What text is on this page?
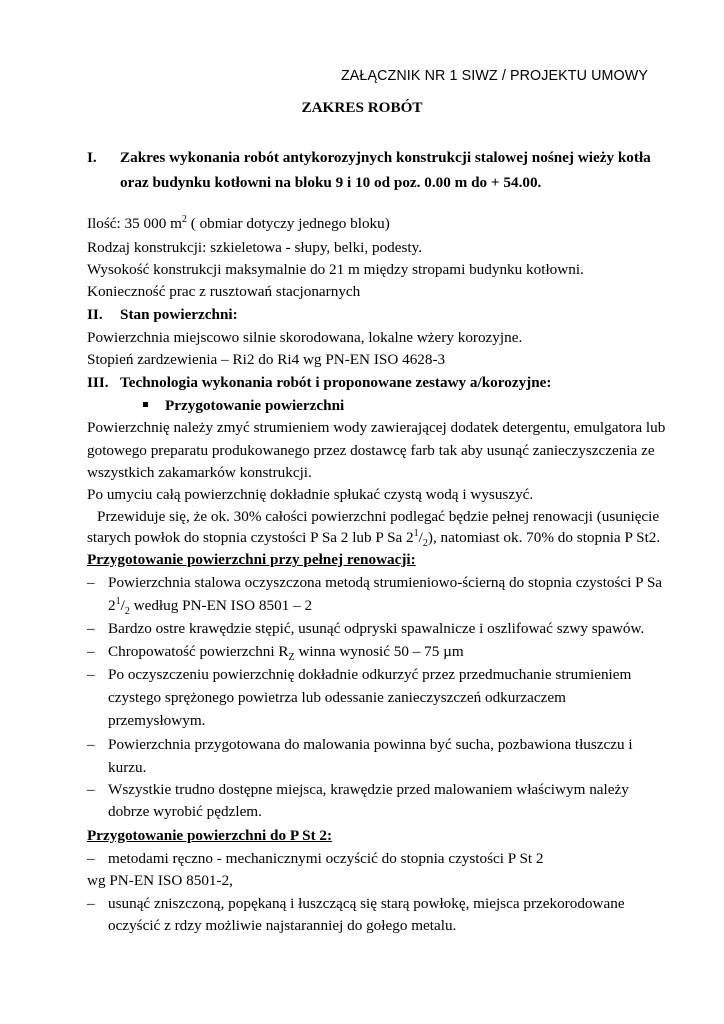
ZAŁĄCZNIK NR 1 SIWZ / PROJEKTU UMOWY
ZAKRES ROBÓT
I. Zakres wykonania robót antykorozyjnych konstrukcji stalowej nośnej wieży kotła
oraz budynku kotłowni na bloku 9 i 10 od poz. 0.00 m do + 54.00.
Ilość: 35 000 $m^2$ ( obmiar dotyczy jednego bloku)
Rodzaj konstrukcji: szkieletowa - słupy, belki, podesty.
Wysokość konstrukcji maksymalnie do 21 m między stropami budynku kotłowni.
Konieczność prac z rusztowań stacjonarnych
II. Stan powierzchni:
Powierzchnia miejscowo silnie skorodowana, lokalne wżery korozyjne.
Stopień zardzewienia – Ri2 do Ri4 wg PN-EN ISO 4628-3
III. Technologia wykonania robót i proponowane zestawy a/korozyjne:
Przygotowanie powierzchni
Powierzchnię należy zmyć strumieniem wody zawierającej dodatek detergentu, emulgatora lub
gotowego preparatu produkowanego przez dostawcę farb tak aby usunąć zanieczyszczenia ze
wszystkich zakamarków konstrukcji.
Po umyciu całą powierzchnię dokładnie spłukać czystą wodą i wysuszyć.
Przewiduje się, że ok. 30% całości powierzchni podlegać będzie pełnej renowacji (usunięcie
starych powłok do stopnia czystości P Sa 2 lub P Sa $2^1/_2$), natomiast ok. 70% do stopnia P St2.
Przygotowanie powierzchni przy pełnej renowacji:
– Powierzchnia stalowa oczyszczona metodą strumieniowo-ścierną do stopnia czystości P Sa
$2^1/_2$ według PN-EN ISO 8501 – 2
– Bardzo ostre krawędzie stępić, usunąć odpryski spawalnicze i oszlifować szwy spawów.
– Chropowatość powierzchni $R_Z$ winna wynosić 50 – 75 µm
– Po oczyszczeniu powierzchnię dokładnie odkurzyć przez przedmuchanie strumieniem
czystego sprężonego powietrza lub odessanie zanieczyszczeń odkurzaczem
przemysłowym.
– Powierzchnia przygotowana do malowania powinna być sucha, pozbawiona tłuszczu i
kurzu.
– Wszystkie trudno dostępne miejsca, krawędzie przed malowaniem właściwym należy
dobrze wyrobić pędzlem.
Przygotowanie powierzchni do P St 2:
– metodami ręczno - mechanicznymi oczyścić do stopnia czystości P St 2
wg PN-EN ISO 8501-2,
– usunąć zniszczoną, popękaną i łuszczącą się starą powłokę, miejsca przekorodowane
oczyścić z rdzy możliwie najstaranniej do gołego metalu.
